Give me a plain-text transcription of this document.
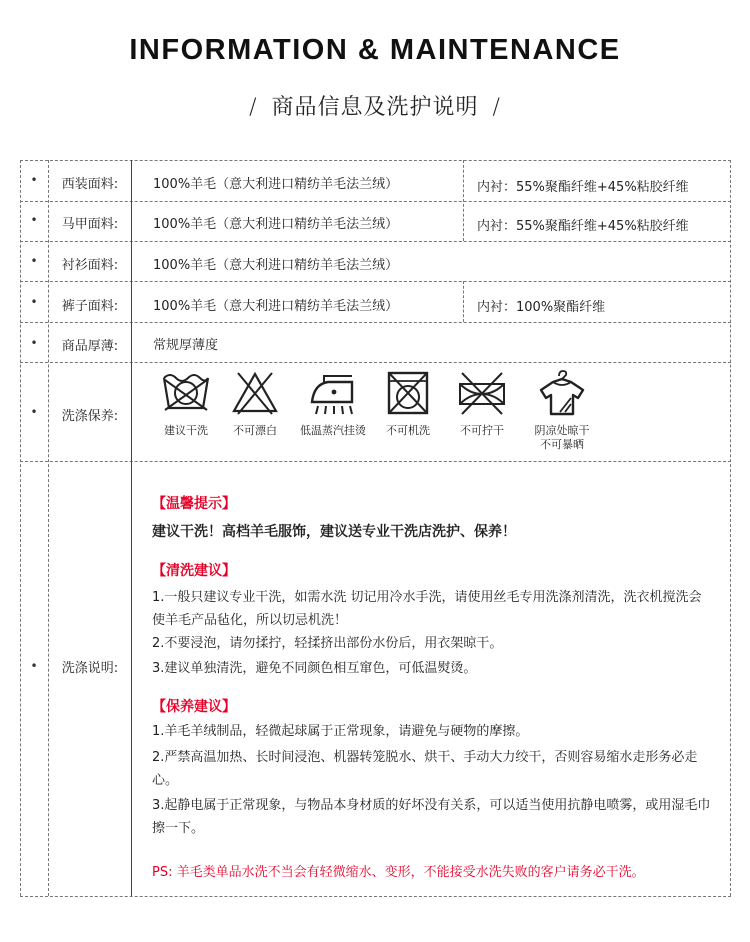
INFORMATION & MAINTENANCE
/ 商品信息及洗护说明 /
•	西装面料:	100%羊毛（意大利进口精纺羊毛法兰绒）	内衬：55%聚酯纤维+45%粘胶纤维
•	马甲面料:	100%羊毛（意大利进口精纺羊毛法兰绒）	内衬：55%聚酯纤维+45%粘胶纤维
•	衬衫面料:	100%羊毛（意大利进口精纺羊毛法兰绒）
•	裤子面料:	100%羊毛（意大利进口精纺羊毛法兰绒）	内衬：100%聚酯纤维
•	商品厚薄:	常规厚薄度
•	洗涤保养:
建议干洗	不可漂白	低温蒸汽挂烫	不可机洗	不可拧干	阴凉处晾干
不可暴晒
•	洗涤说明:
【温馨提示】
建议干洗！高档羊毛服饰，建议送专业干洗店洗护、保养！
【清洗建议】
1.一般只建议专业干洗，如需水洗 切记用冷水手洗，请使用丝毛专用洗涤剂清洗，洗衣机搅洗会使羊毛产品毡化，所以切忌机洗！
2.不要浸泡，请勿揉拧，轻揉挤出部份水份后，用衣架晾干。
3.建议单独清洗，避免不同颜色相互窜色，可低温熨烫。
【保养建议】
1.羊毛羊绒制品，轻微起球属于正常现象，请避免与硬物的摩擦。
2.严禁高温加热、长时间浸泡、机器转笼脱水、烘干、手动大力绞干，否则容易缩水走形务必走心。
3.起静电属于正常现象，与物品本身材质的好坏没有关系，可以适当使用抗静电喷雾，或用湿毛巾擦一下。
PS: 羊毛类单品水洗不当会有轻微缩水、变形，不能接受水洗失败的客户请务必干洗。
